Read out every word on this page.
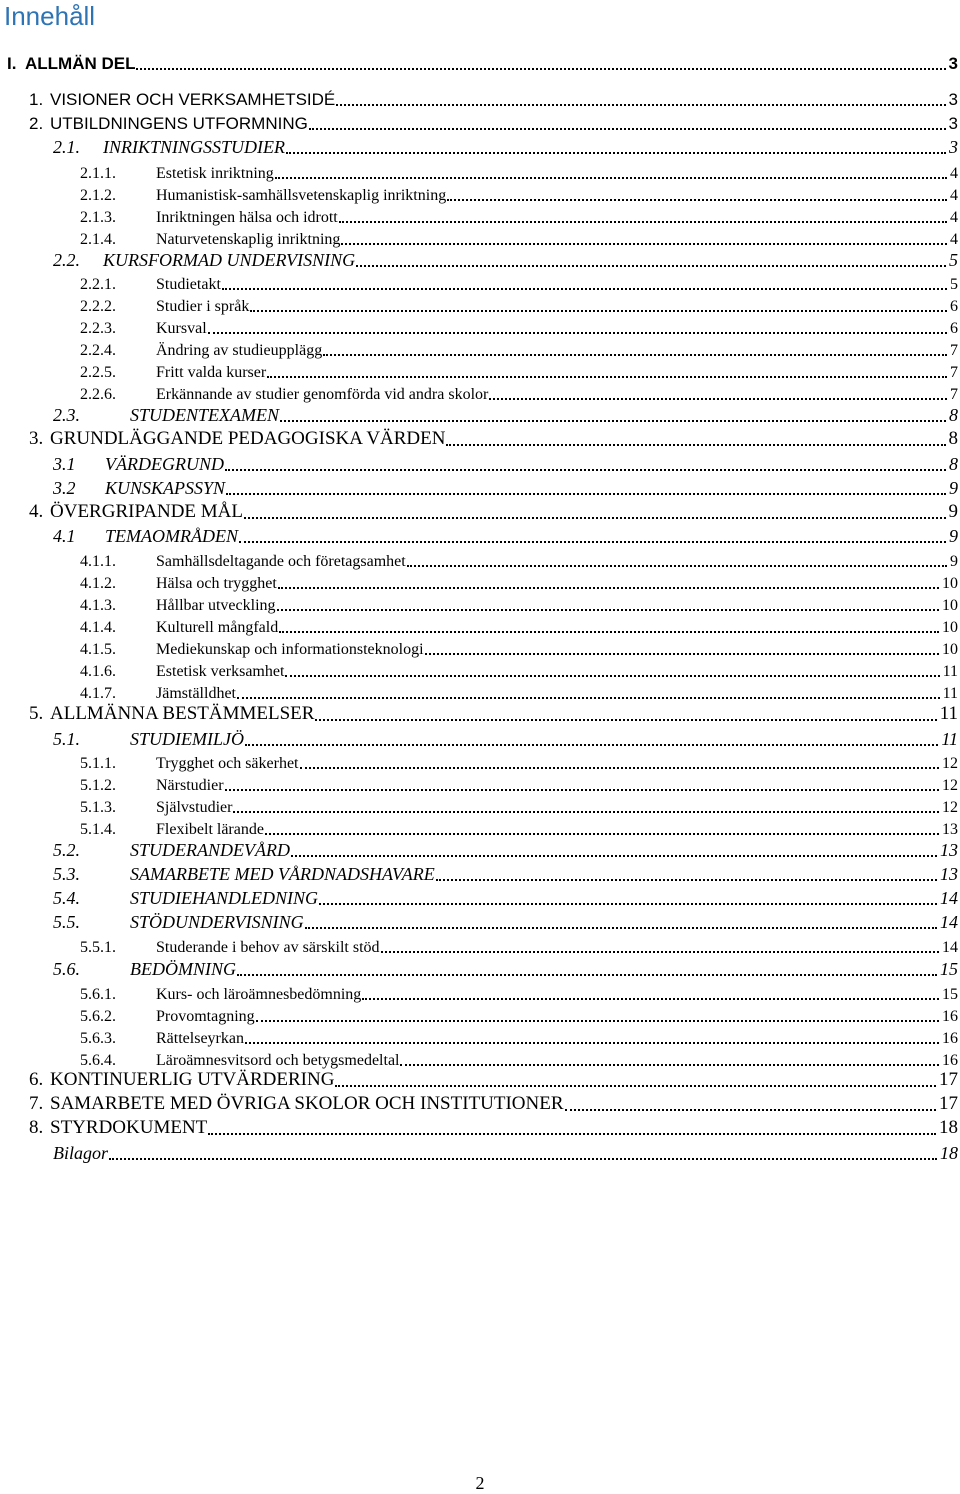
Innehåll
I. ALLMÄN DEL	3
1. VISIONER OCH VERKSAMHETSIDÉ	3
2. UTBILDNINGENS UTFORMNING	3
2.1.	INRIKTNINGSSTUDIER	3
2.1.1.	Estetisk inriktning	4
2.1.2.	Humanistisk-samhällsvetenskaplig inriktning	4
2.1.3.	Inriktningen hälsa och idrott	4
2.1.4.	Naturvetenskaplig inriktning	4
2.2.	KURSFORMAD UNDERVISNING	5
2.2.1.	Studietakt	5
2.2.2.	Studier i språk	6
2.2.3.	Kursval	6
2.2.4.	Ändring av studieupplägg	7
2.2.5.	Fritt valda kurser	7
2.2.6.	Erkännande av studier genomförda vid andra skolor	7
2.3.	STUDENTEXAMEN	8
3. GRUNDLÄGGANDE PEDAGOGISKA VÄRDEN	8
3.1	VÄRDEGRUND	8
3.2	KUNSKAPSSYN	9
4. ÖVERGRIPANDE MÅL	9
4.1	TEMAOMRÅDEN	9
4.1.1.	Samhällsdeltagande och företagsamhet	9
4.1.2.	Hälsa och trygghet	10
4.1.3.	Hållbar utveckling	10
4.1.4.	Kulturell mångfald	10
4.1.5.	Mediekunskap och informationsteknologi	10
4.1.6.	Estetisk verksamhet	11
4.1.7.	Jämställdhet	11
5. ALLMÄNNA BESTÄMMELSER	11
5.1.	STUDIEMILJÖ	11
5.1.1.	Trygghet och säkerhet	12
5.1.2.	Närstudier	12
5.1.3.	Självstudier	12
5.1.4.	Flexibelt lärande	13
5.2.	STUDERANDEVÅRD	13
5.3.	SAMARBETE MED VÅRDNADSHAVARE	13
5.4.	STUDIEHANDLEDNING	14
5.5.	STÖDUNDERVISNING	14
5.5.1.	Studerande i behov av särskilt stöd	14
5.6.	BEDÖMNING	15
5.6.1.	Kurs- och läroämnesbedömning	15
5.6.2.	Provomtagning	16
5.6.3.	Rättelseyrkan	16
5.6.4.	Läroämnesvitsord och betygsmedeltal	16
6. KONTINUERLIG UTVÄRDERING	17
7. SAMARBETE MED ÖVRIGA SKOLOR OCH INSTITUTIONER	17
8. STYRDOKUMENT	18
Bilagor	18
2
